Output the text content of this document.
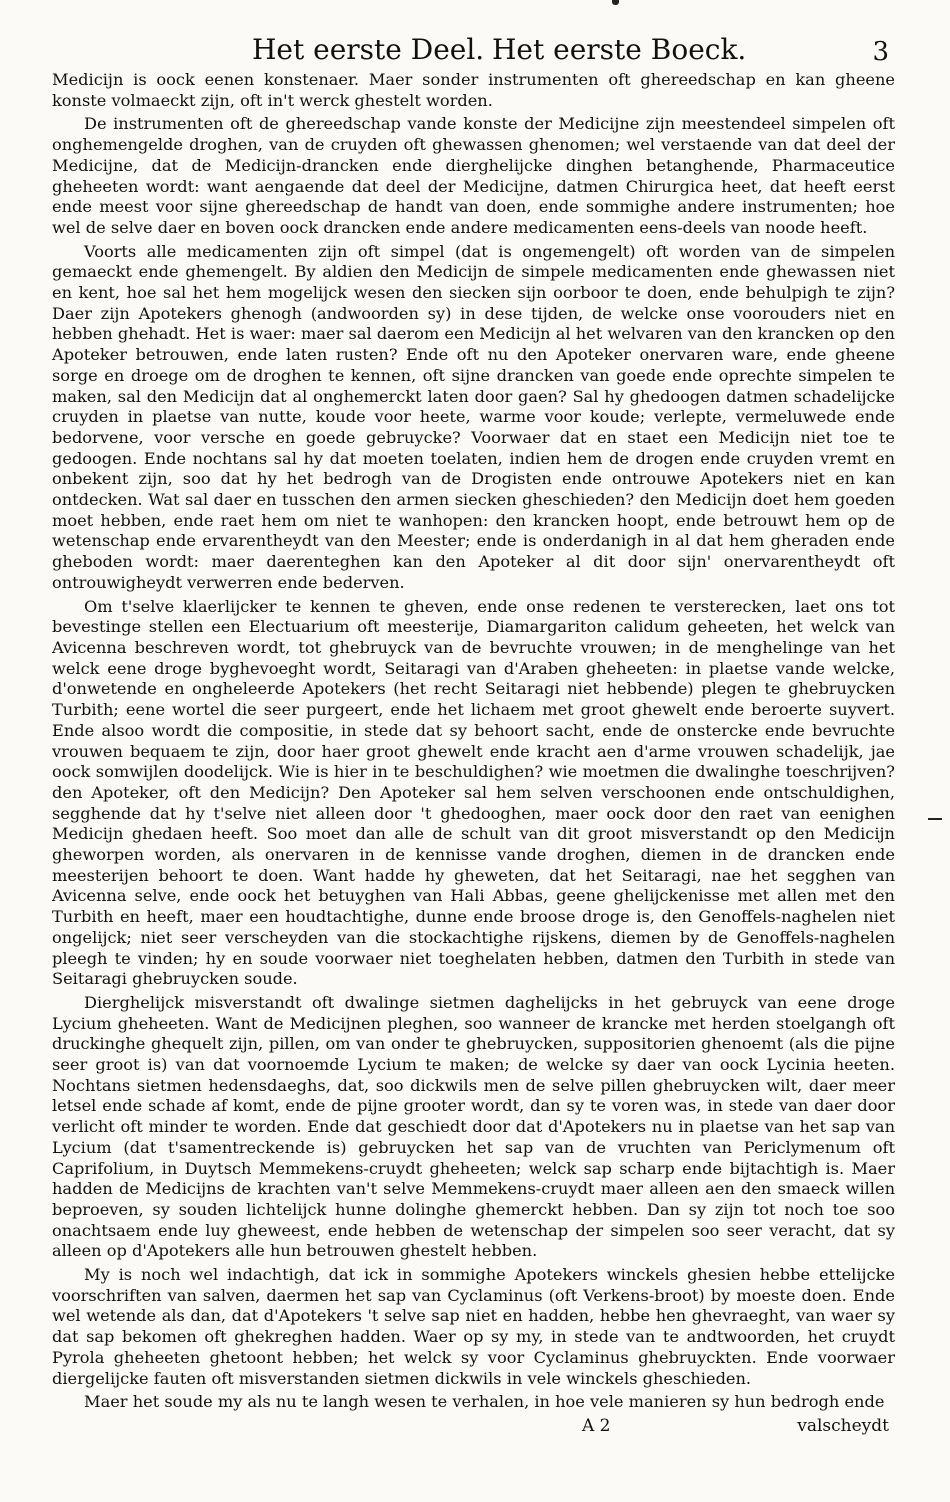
Het eerste Deel. Het eerste Boeck.	3

Medicijn is oock eenen konstenaer. Maer sonder instrumenten oft ghereedschap en kan gheene konste volmaeckt zijn, oft in't werck ghestelt worden.

De instrumenten oft de ghereedschap vande konste der Medicijne zijn meestendeel simpelen oft onghemengelde droghen, van de cruyden oft ghewassen ghenomen; wel verstaende van dat deel der Medicijne, dat de Medicijn-drancken ende dierghelijcke dinghen betanghende, Pharmaceutice gheheeten wordt: want aengaende dat deel der Medicijne, datmen Chirurgica heet, dat heeft eerst ende meest voor sijne ghereedschap de handt van doen, ende sommighe andere instrumenten; hoe wel de selve daer en boven oock drancken ende andere medicamenten eens-deels van noode heeft.

Voorts alle medicamenten zijn oft simpel (dat is ongemengelt) oft worden van de simpelen gemaeckt ende ghemengelt. By aldien den Medicijn de simpele medicamenten ende ghewassen niet en kent, hoe sal het hem mogelijck wesen den siecken sijn oorboor te doen, ende behulpigh te zijn? Daer zijn Apotekers ghenogh (andwoorden sy) in dese tijden, de welcke onse voorouders niet en hebben ghehadt. Het is waer: maer sal daerom een Medicijn al het welvaren van den krancken op den Apoteker betrouwen, ende laten rusten? Ende oft nu den Apoteker onervaren ware, ende gheene sorge en droege om de droghen te kennen, oft sijne drancken van goede ende oprechte simpelen te maken, sal den Medicijn dat al onghemerckt laten door gaen? Sal hy ghedoogen datmen schadelijcke cruyden in plaetse van nutte, koude voor heete, warme voor koude; verlepte, vermeluwede ende bedorvene, voor versche en goede gebruycke? Voorwaer dat en staet een Medicijn niet toe te gedoogen. Ende nochtans sal hy dat moeten toelaten, indien hem de drogen ende cruyden vremt en onbekent zijn, soo dat hy het bedrogh van de Drogisten ende ontrouwe Apotekers niet en kan ontdecken. Wat sal daer en tusschen den armen siecken gheschieden? den Medicijn doet hem goeden moet hebben, ende raet hem om niet te wanhopen: den krancken hoopt, ende betrouwt hem op de wetenschap ende ervarentheydt van den Meester; ende is onderdanigh in al dat hem gheraden ende gheboden wordt: maer daerenteghen kan den Apoteker al dit door sijn' onervarentheydt oft ontrouwigheydt verwerren ende bederven.

Om t'selve klaerlijcker te kennen te gheven, ende onse redenen te versterecken, laet ons tot bevestinge stellen een Electuarium oft meesterije, Diamargariton calidum geheeten, het welck van Avicenna beschreven wordt, tot ghebruyck van de bevruchte vrouwen; in de menghelinge van het welck eene droge byghevoeght wordt, Seitaragi van d'Araben gheheeten: in plaetse vande welcke, d'onwetende en ongheleerde Apotekers (het recht Seitaragi niet hebbende) plegen te ghebruycken Turbith; eene wortel die seer purgeert, ende het lichaem met groot ghewelt ende beroerte suyvert. Ende alsoo wordt die compositie, in stede dat sy behoort sacht, ende de onstercke ende bevruchte vrouwen bequaem te zijn, door haer groot ghewelt ende kracht aen d'arme vrouwen schadelijk, jae oock somwijlen doodelijck. Wie is hier in te beschuldighen? wie moetmen die dwalinghe toeschrijven? den Apoteker, oft den Medicijn? Den Apoteker sal hem selven verschoonen ende ontschuldighen, segghende dat hy t'selve niet alleen door 't ghedooghen, maer oock door den raet van eenighen Medicijn ghedaen heeft. Soo moet dan alle de schult van dit groot misverstandt op den Medicijn gheworpen worden, als onervaren in de kennisse vande droghen, diemen in de drancken ende meesterijen behoort te doen. Want hadde hy gheweten, dat het Seitaragi, nae het segghen van Avicenna selve, ende oock het betuyghen van Hali Abbas, geene ghelijckenisse met allen met den Turbith en heeft, maer een houdtachtighe, dunne ende broose droge is, den Genoffels-naghelen niet ongelijck; niet seer verscheyden van die stockachtighe rijskens, diemen by de Genoffels-naghelen pleegh te vinden; hy en soude voorwaer niet toeghelaten hebben, datmen den Turbith in stede van Seitaragi ghebruycken soude.

Dierghelijck misverstandt oft dwalinge sietmen daghelijcks in het gebruyck van eene droge Lycium gheheeten. Want de Medicijnen pleghen, soo wanneer de krancke met herden stoelgangh oft druckinghe ghequelt zijn, pillen, om van onder te ghebruycken, suppositorien ghenoemt (als die pijne seer groot is) van dat voornoemde Lycium te maken; de welcke sy daer van oock Lycinia heeten. Nochtans sietmen hedensdaeghs, dat, soo dickwils men de selve pillen ghebruycken wilt, daer meer letsel ende schade af komt, ende de pijne grooter wordt, dan sy te voren was, in stede van daer door verlicht oft minder te worden. Ende dat geschiedt door dat d'Apotekers nu in plaetse van het sap van Lycium (dat t'samentreckende is) gebruycken het sap van de vruchten van Periclymenum oft Caprifolium, in Duytsch Memmekens-cruydt gheheeten; welck sap scharp ende bijtachtigh is. Maer hadden de Medicijns de krachten van't selve Memmekens-cruydt maer alleen aen den smaeck willen beproeven, sy souden lichtelijck hunne dolinghe ghemerckt hebben. Dan sy zijn tot noch toe soo onachtsaem ende luy gheweest, ende hebben de wetenschap der simpelen soo seer veracht, dat sy alleen op d'Apotekers alle hun betrouwen ghestelt hebben.

My is noch wel indachtigh, dat ick in sommighe Apotekers winckels ghesien hebbe ettelijcke voorschriften van salven, daermen het sap van Cyclaminus (oft Verkens-broot) by moeste doen. Ende wel wetende als dan, dat d'Apotekers 't selve sap niet en hadden, hebbe hen ghevraeght, van waer sy dat sap bekomen oft ghekreghen hadden. Waer op sy my, in stede van te andtwoorden, het cruydt Pyrola gheheeten ghetoont hebben; het welck sy voor Cyclaminus ghebruyckten. Ende voorwaer diergelijcke fauten oft misverstanden sietmen dickwils in vele winckels gheschieden.

Maer het soude my als nu te langh wesen te verhalen, in hoe vele manieren sy hun bedrogh ende

A 2	valscheydt
